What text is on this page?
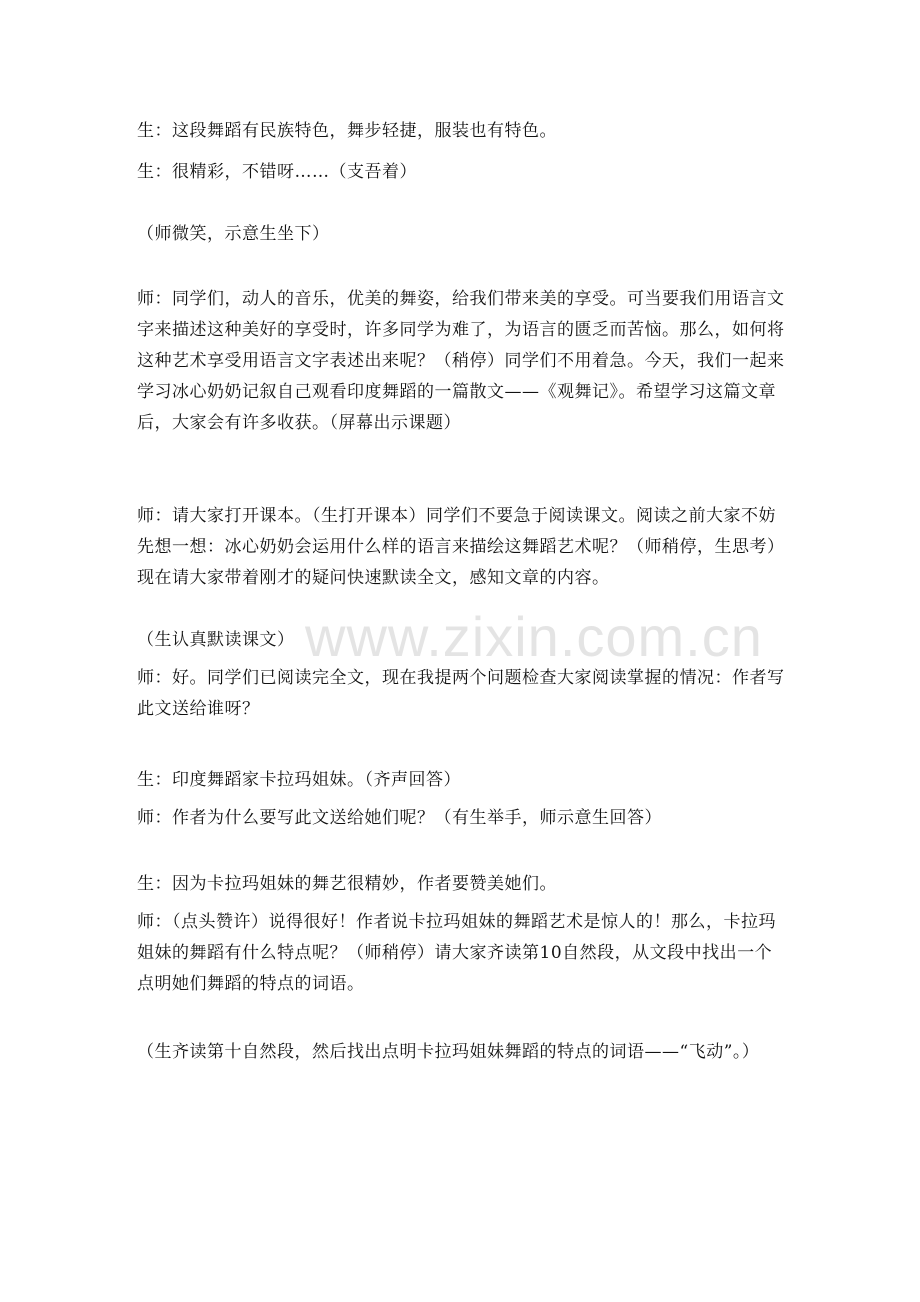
www.zixin.com.cn

生：这段舞蹈有民族特色，舞步轻捷，服装也有特色。

生：很精彩，不错呀……（支吾着）

（师微笑，示意生坐下）

师：同学们，动人的音乐，优美的舞姿，给我们带来美的享受。可当要我们用语言文字来描述这种美好的享受时，许多同学为难了，为语言的匮乏而苦恼。那么，如何将这种艺术享受用语言文字表述出来呢？（稍停）同学们不用着急。今天，我们一起来学习冰心奶奶记叙自己观看印度舞蹈的一篇散文——《观舞记》。希望学习这篇文章后，大家会有许多收获。（屏幕出示课题）

师：请大家打开课本。（生打开课本）同学们不要急于阅读课文。阅读之前大家不妨先想一想：冰心奶奶会运用什么样的语言来描绘这舞蹈艺术呢？（师稍停，生思考）现在请大家带着刚才的疑问快速默读全文，感知文章的内容。

（生认真默读课文）

师：好。同学们已阅读完全文，现在我提两个问题检查大家阅读掌握的情况：作者写此文送给谁呀？

生：印度舞蹈家卡拉玛姐妹。（齐声回答）

师：作者为什么要写此文送给她们呢？（有生举手，师示意生回答）

生：因为卡拉玛姐妹的舞艺很精妙，作者要赞美她们。

师：（点头赞许）说得很好！作者说卡拉玛姐妹的舞蹈艺术是惊人的！那么，卡拉玛姐妹的舞蹈有什么特点呢？（师稍停）请大家齐读第10自然段，从文段中找出一个点明她们舞蹈的特点的词语。

（生齐读第十自然段，然后找出点明卡拉玛姐妹舞蹈的特点的词语——“飞动”。）
